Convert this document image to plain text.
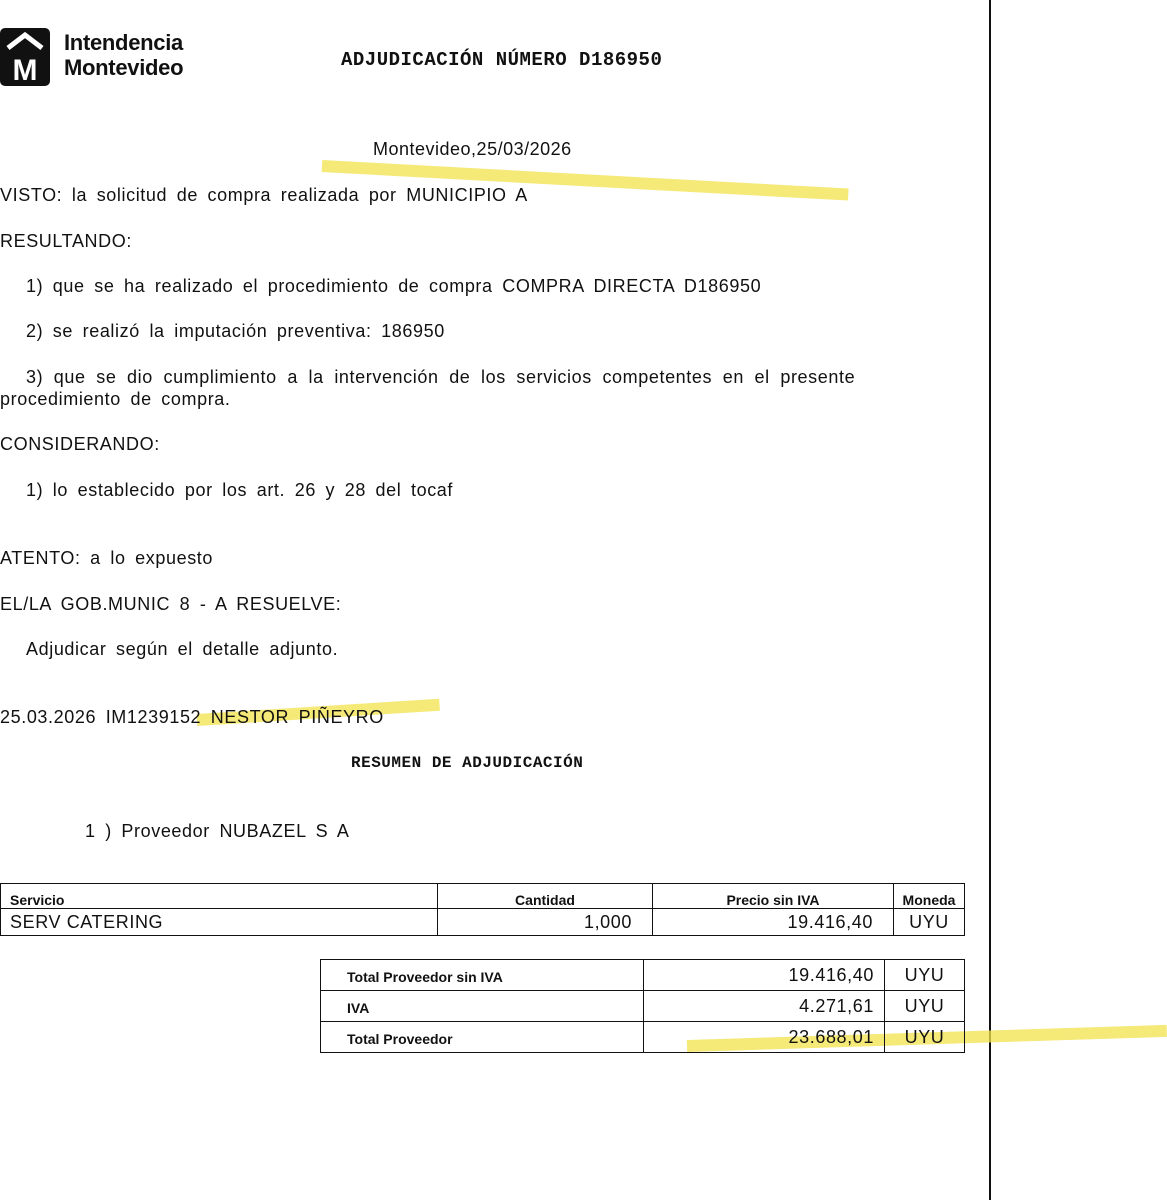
M
Intendencia
Montevideo	ADJUDICACIÓN NÚMERO D186950
Montevideo,25/03/2026
VISTO: la solicitud de compra realizada por MUNICIPIO A
RESULTANDO:
1) que se ha realizado el procedimiento de compra COMPRA DIRECTA D186950
2) se realizó la imputación preventiva: 186950
3) que se dio cumplimiento a la intervención de los servicios competentes en el presente
procedimiento de compra.
CONSIDERANDO:
1) lo establecido por los art. 26 y 28 del tocaf
ATENTO: a lo expuesto
EL/LA GOB.MUNIC 8 - A RESUELVE:
Adjudicar según el detalle adjunto.
25.03.2026 IM1239152 NESTOR PIÑEYRO
RESUMEN DE ADJUDICACIÓN
1 ) Proveedor NUBAZEL S A
Servicio	Cantidad	Precio sin IVA	Moneda
SERV CATERING	1,000	19.416,40	UYU
Total Proveedor sin IVA	19.416,40	UYU
IVA	4.271,61	UYU
Total Proveedor	23.688,01	UYU
